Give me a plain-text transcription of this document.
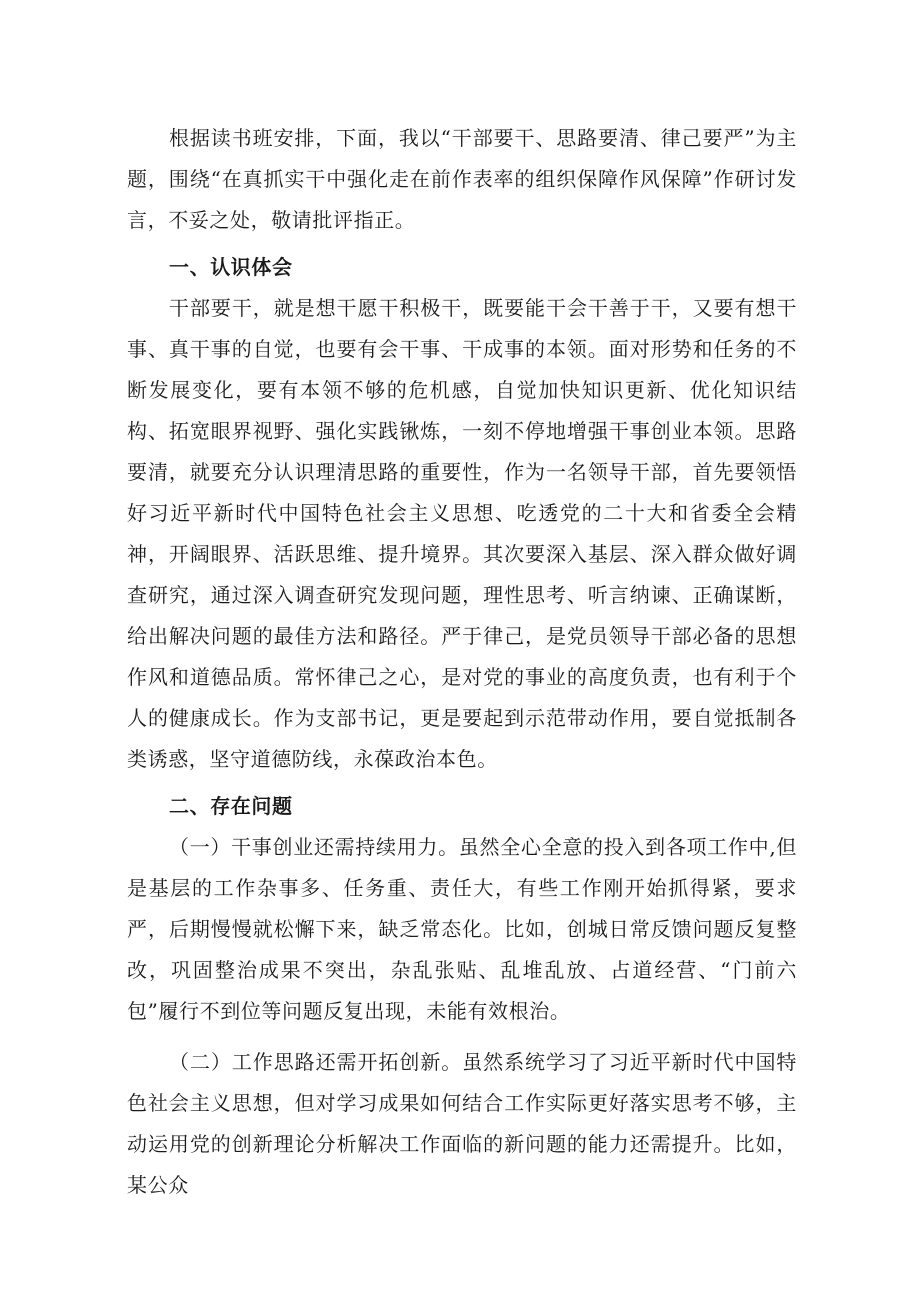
根据读书班安排，下面，我以“干部要干、思路要清、律己要严”为主题，围绕“在真抓实干中强化走在前作表率的组织保障作风保障”作研讨发言，不妥之处，敬请批评指正。

一、认识体会

干部要干，就是想干愿干积极干，既要能干会干善于干，又要有想干事、真干事的自觉，也要有会干事、干成事的本领。面对形势和任务的不断发展变化，要有本领不够的危机感，自觉加快知识更新、优化知识结构、拓宽眼界视野、强化实践锹炼，一刻不停地增强干事创业本领。思路要清，就要充分认识理清思路的重要性，作为一名领导干部，首先要领悟好习近平新时代中国特色社会主义思想、吃透党的二十大和省委全会精神，开阔眼界、活跃思维、提升境界。其次要深入基层、深入群众做好调查研究，通过深入调查研究发现问题，理性思考、听言纳谏、正确谋断，给出解决问题的最佳方法和路径。严于律己，是党员领导干部必备的思想作风和道德品质。常怀律己之心，是对党的事业的高度负责，也有利于个人的健康成长。作为支部书记，更是要起到示范带动作用，要自觉抵制各类诱惑，坚守道德防线，永葆政治本色。

二、存在问题

（一）干事创业还需持续用力。虽然全心全意的投入到各项工作中,但是基层的工作杂事多、任务重、责任大，有些工作刚开始抓得紧，要求严，后期慢慢就松懈下来，缺乏常态化。比如，创城日常反馈问题反复整改，巩固整治成果不突出，杂乱张贴、乱堆乱放、占道经营、“门前六包”履行不到位等问题反复出现，未能有效根治。

（二）工作思路还需开拓创新。虽然系统学习了习近平新时代中国特色社会主义思想，但对学习成果如何结合工作实际更好落实思考不够，主动运用党的创新理论分析解决工作面临的新问题的能力还需提升。比如，某公众
